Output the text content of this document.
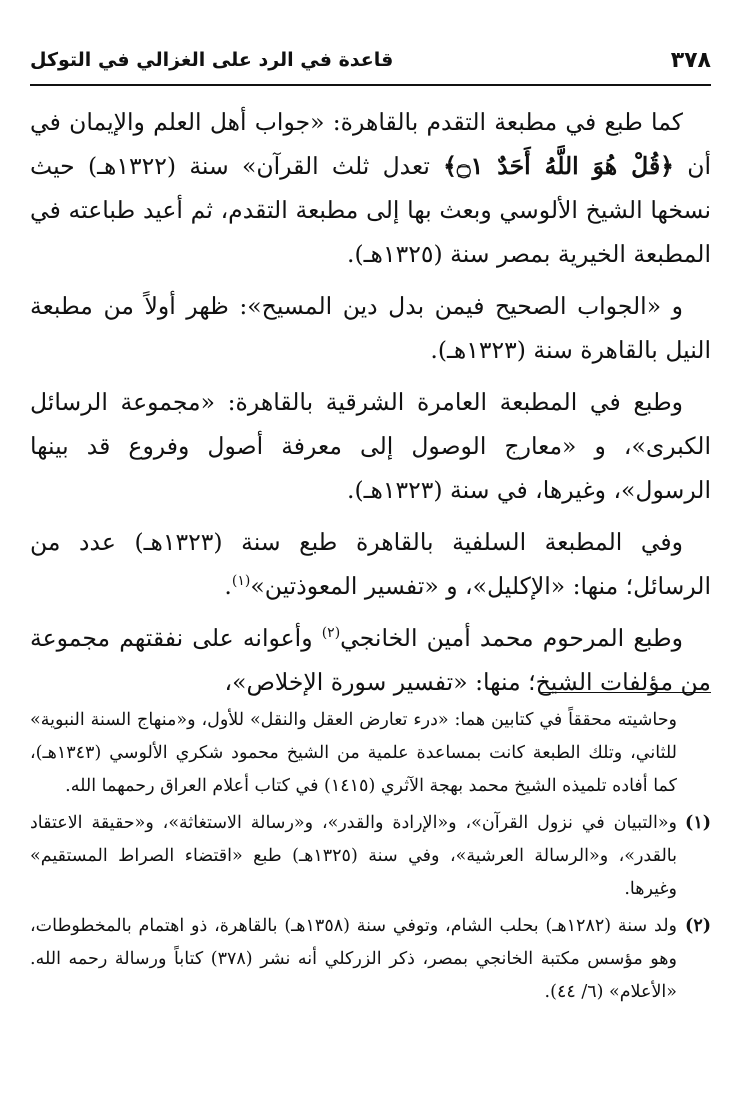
٣٧٨
قاعدة في الرد على الغزالي في التوكل

كما طبع في مطبعة التقدم بالقاهرة: «جواب أهل العلم والإيمان في أن ﴿قُلْ هُوَ اللَّهُ أَحَدٌ ۝١﴾ تعدل ثلث القرآن» سنة (١٣٢٢هـ) حيث نسخها الشيخ الألوسي وبعث بها إلى مطبعة التقدم، ثم أعيد طباعته في المطبعة الخيرية بمصر سنة (١٣٢٥هـ).

و «الجواب الصحيح فيمن بدل دين المسيح»: ظهر أولاً من مطبعة النيل بالقاهرة سنة (١٣٢٣هـ).

وطبع في المطبعة العامرة الشرقية بالقاهرة: «مجموعة الرسائل الكبرى»، و «معارج الوصول إلى معرفة أصول وفروع قد بينها الرسول»، وغيرها، في سنة (١٣٢٣هـ).

وفي المطبعة السلفية بالقاهرة طبع سنة (١٣٢٣هـ) عدد من الرسائل؛ منها: «الإكليل»، و «تفسير المعوذتين»$^{(١)}$.

وطبع المرحوم محمد أمين الخانجي$^{(٢)}$ وأعوانه على نفقتهم مجموعة من مؤلفات الشيخ؛ منها: «تفسير سورة الإخلاص»،

وحاشيته محققاً في كتابين هما: «درء تعارض العقل والنقل» للأول، و«منهاج السنة النبوية» للثاني، وتلك الطبعة كانت بمساعدة علمية من الشيخ محمود شكري الألوسي (١٣٤٣هـ)، كما أفاده تلميذه الشيخ محمد بهجة الآثري (١٤١٥) في كتاب أعلام العراق رحمهما الله.

(١)
و«التبيان في نزول القرآن»، و«الإرادة والقدر»، و«رسالة الاستغاثة»، و«حقيقة الاعتقاد بالقدر»، و«الرسالة العرشية»، وفي سنة (١٣٢٥هـ) طبع «اقتضاء الصراط المستقيم» وغيرها.
(٢)
ولد سنة (١٢٨٢هـ) بحلب الشام، وتوفي سنة (١٣٥٨هـ) بالقاهرة، ذو اهتمام بالمخطوطات، وهو مؤسس مكتبة الخانجي بمصر، ذكر الزركلي أنه نشر (٣٧٨) كتاباً ورسالة رحمه الله. «الأعلام» (٦/ ٤٤).
